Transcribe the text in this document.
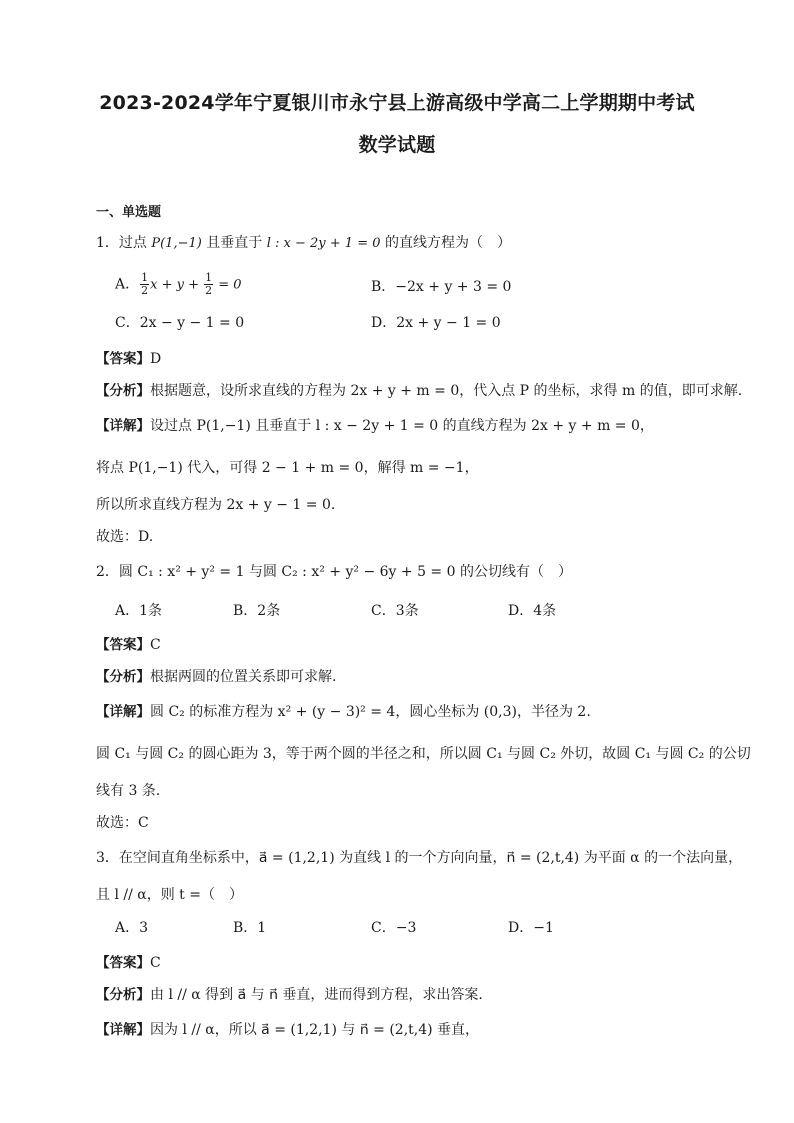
2023-2024学年宁夏银川市永宁县上游高级中学高二上学期期中考试
数学试题
一、单选题
1．过点 P(1,−1) 且垂直于 l : x − 2y + 1 = 0 的直线方程为（　）
A． $\frac{1}{2}$ $x + y + \frac{1}{2} = 0$	B．−2x + y + 3 = 0
C．2x − y − 1 = 0	D．2x + y − 1 = 0
【答案】D
【分析】根据题意，设所求直线的方程为 2x + y + m = 0，代入点 P 的坐标，求得 m 的值，即可求解.
【详解】设过点 P(1,−1) 且垂直于 l : x − 2y + 1 = 0 的直线方程为 2x + y + m = 0，
将点 P(1,−1) 代入，可得 2 − 1 + m = 0，解得 m = −1，
所以所求直线方程为 2x + y − 1 = 0.
故选：D.
2．圆 C₁ : x² + y² = 1 与圆 C₂ : x² + y² − 6y + 5 = 0 的公切线有（　）
A．1条	B．2条	C．3条	D．4条
【答案】C
【分析】根据两圆的位置关系即可求解.
【详解】圆 C₂ 的标准方程为 x² + (y − 3)² = 4，圆心坐标为 (0,3)，半径为 2.
圆 C₁ 与圆 C₂ 的圆心距为 3，等于两个圆的半径之和，所以圆 C₁ 与圆 C₂ 外切，故圆 C₁ 与圆 C₂ 的公切
线有 3 条.
故选：C
3．在空间直角坐标系中，a⃗ = (1,2,1) 为直线 l 的一个方向向量，n⃗ = (2,t,4) 为平面 α 的一个法向量，
且 l // α，则 t =（　）
A．3	B．1	C．−3	D．−1
【答案】C
【分析】由 l // α 得到 a⃗ 与 n⃗ 垂直，进而得到方程，求出答案.
【详解】因为 l // α，所以 a⃗ = (1,2,1) 与 n⃗ = (2,t,4) 垂直，
